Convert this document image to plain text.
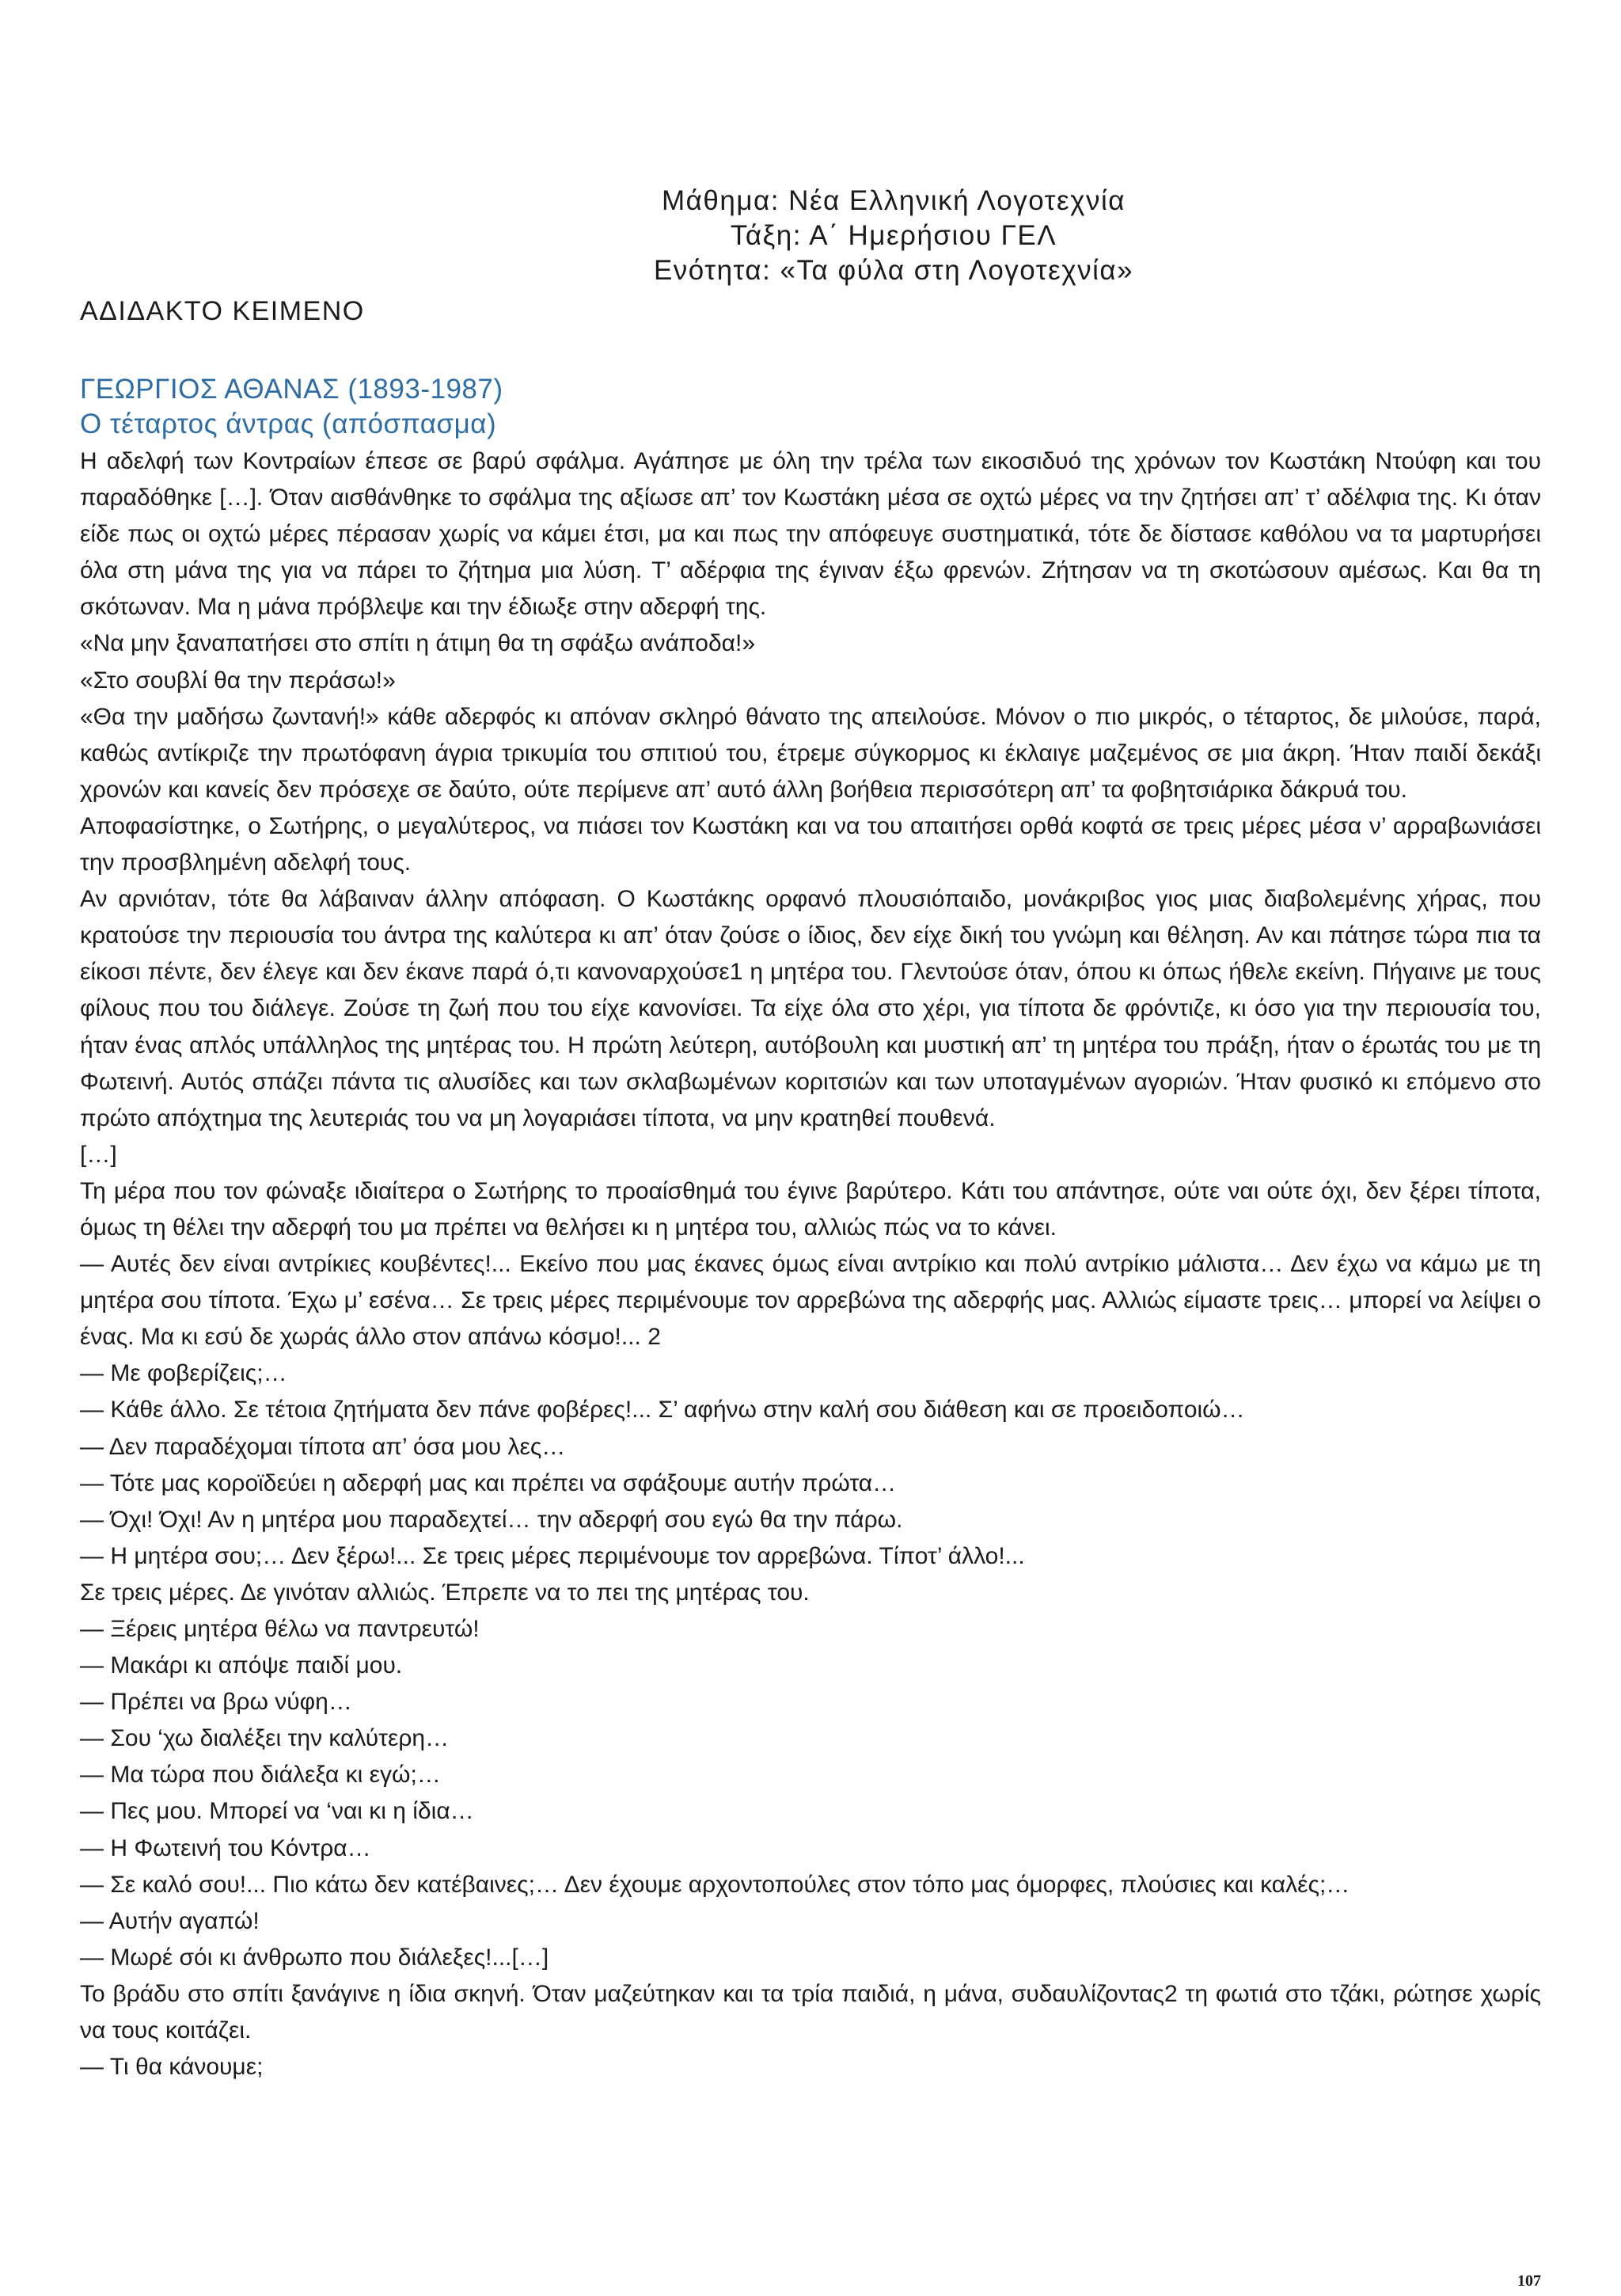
Μάθημα: Νέα Ελληνική Λογοτεχνία
Τάξη: Α΄ Ημερήσιου ΓΕΛ
Ενότητα: «Τα φύλα στη Λογοτεχνία»
ΑΔΙΔΑΚΤΟ ΚΕΙΜΕΝΟ
ΓΕΩΡΓΙΟΣ ΑΘΑΝΑΣ (1893-1987)
Ο τέταρτος άντρας (απόσπασμα)

Η αδελφή των Κοντραίων έπεσε σε βαρύ σφάλμα. Αγάπησε με όλη την τρέλα των εικοσιδυό της χρόνων τον Κωστάκη Ντούφη και του παραδόθηκε […]. Όταν αισθάνθηκε το σφάλμα της αξίωσε απ’ τον Κωστάκη μέσα σε οχτώ μέρες να την ζητήσει απ’ τ’ αδέλφια της. Κι όταν είδε πως οι οχτώ μέρες πέρασαν χωρίς να κάμει έτσι, μα και πως την απόφευγε συστηματικά, τότε δε δίστασε καθόλου να τα μαρτυρήσει όλα στη μάνα της για να πάρει το ζήτημα μια λύση. Τ’ αδέρφια της έγιναν έξω φρενών. Ζήτησαν να τη σκοτώσουν αμέσως. Και θα τη σκότωναν. Μα η μάνα πρόβλεψε και την έδιωξε στην αδερφή της.

«Να μην ξαναπατήσει στο σπίτι η άτιμη θα τη σφάξω ανάποδα!»

«Στο σουβλί θα την περάσω!»

«Θα την μαδήσω ζωντανή!» κάθε αδερφός κι απόναν σκληρό θάνατο της απειλούσε. Μόνον ο πιο μικρός, ο τέταρτος, δε μιλούσε, παρά, καθώς αντίκριζε την πρωτόφανη άγρια τρικυμία του σπιτιού του, έτρεμε σύγκορμος κι έκλαιγε μαζεμένος σε μια άκρη. Ήταν παιδί δεκάξι χρονών και κανείς δεν πρόσεχε σε δαύτο, ούτε περίμενε απ’ αυτό άλλη βοήθεια περισσότερη απ’ τα φοβητσιάρικα δάκρυά του.

Αποφασίστηκε, ο Σωτήρης, ο μεγαλύτερος, να πιάσει τον Κωστάκη και να του απαιτήσει ορθά κοφτά σε τρεις μέρες μέσα ν’ αρραβωνιάσει την προσβλημένη αδελφή τους.

Αν αρνιόταν, τότε θα λάβαιναν άλλην απόφαση. Ο Κωστάκης ορφανό πλουσιόπαιδο, μονάκριβος γιος μιας διαβολεμένης χήρας, που κρατούσε την περιουσία του άντρα της καλύτερα κι απ’ όταν ζούσε ο ίδιος, δεν είχε δική του γνώμη και θέληση. Αν και πάτησε τώρα πια τα είκοσι πέντε, δεν έλεγε και δεν έκανε παρά ό,τι κανοναρχούσε1 η μητέρα του. Γλεντούσε όταν, όπου κι όπως ήθελε εκείνη. Πήγαινε με τους φίλους που του διάλεγε. Ζούσε τη ζωή που του είχε κανονίσει. Τα είχε όλα στο χέρι, για τίποτα δε φρόντιζε, κι όσο για την περιουσία του, ήταν ένας απλός υπάλληλος της μητέρας του. Η πρώτη λεύτερη, αυτόβουλη και μυστική απ’ τη μητέρα του πράξη, ήταν ο έρωτάς του με τη Φωτεινή. Αυτός σπάζει πάντα τις αλυσίδες και των σκλαβωμένων κοριτσιών και των υποταγμένων αγοριών. Ήταν φυσικό κι επόμενο στο πρώτο απόχτημα της λευτεριάς του να μη λογαριάσει τίποτα, να μην κρατηθεί πουθενά.

[…]

Τη μέρα που τον φώναξε ιδιαίτερα ο Σωτήρης το προαίσθημά του έγινε βαρύτερο. Κάτι του απάντησε, ούτε ναι ούτε όχι, δεν ξέρει τίποτα, όμως τη θέλει την αδερφή του μα πρέπει να θελήσει κι η μητέρα του, αλλιώς πώς να το κάνει.

— Αυτές δεν είναι αντρίκιες κουβέντες!... Εκείνο που μας έκανες όμως είναι αντρίκιο και πολύ αντρίκιο μάλιστα… Δεν έχω να κάμω με τη μητέρα σου τίποτα. Έχω μ’ εσένα… Σε τρεις μέρες περιμένουμε τον αρρεβώνα της αδερφής μας. Αλλιώς είμαστε τρεις… μπορεί να λείψει ο ένας. Μα κι εσύ δε χωράς άλλο στον απάνω κόσμο!... 2

— Με φοβερίζεις;…

— Κάθε άλλο. Σε τέτοια ζητήματα δεν πάνε φοβέρες!... Σ’ αφήνω στην καλή σου διάθεση και σε προειδοποιώ…

— Δεν παραδέχομαι τίποτα απ’ όσα μου λες…

— Τότε μας κοροϊδεύει η αδερφή μας και πρέπει να σφάξουμε αυτήν πρώτα…

— Όχι! Όχι! Αν η μητέρα μου παραδεχτεί… την αδερφή σου εγώ θα την πάρω.

— Η μητέρα σου;… Δεν ξέρω!... Σε τρεις μέρες περιμένουμε τον αρρεβώνα. Τίποτ’ άλλο!...

Σε τρεις μέρες. Δε γινόταν αλλιώς. Έπρεπε να το πει της μητέρας του.

— Ξέρεις μητέρα θέλω να παντρευτώ!

— Μακάρι κι απόψε παιδί μου.

— Πρέπει να βρω νύφη…

— Σου ‘χω διαλέξει την καλύτερη…

— Μα τώρα που διάλεξα κι εγώ;…

— Πες μου. Μπορεί να ‘ναι κι η ίδια…

— Η Φωτεινή του Κόντρα…

— Σε καλό σου!... Πιο κάτω δεν κατέβαινες;… Δεν έχουμε αρχοντοπούλες στον τόπο μας όμορφες, πλούσιες και καλές;…

— Αυτήν αγαπώ!

— Μωρέ σόι κι άνθρωπο που διάλεξες!...[…]

Το βράδυ στο σπίτι ξανάγινε η ίδια σκηνή. Όταν μαζεύτηκαν και τα τρία παιδιά, η μάνα, συδαυλίζοντας2 τη φωτιά στο τζάκι, ρώτησε χωρίς να τους κοιτάζει.

— Τι θα κάνουμε;

107
